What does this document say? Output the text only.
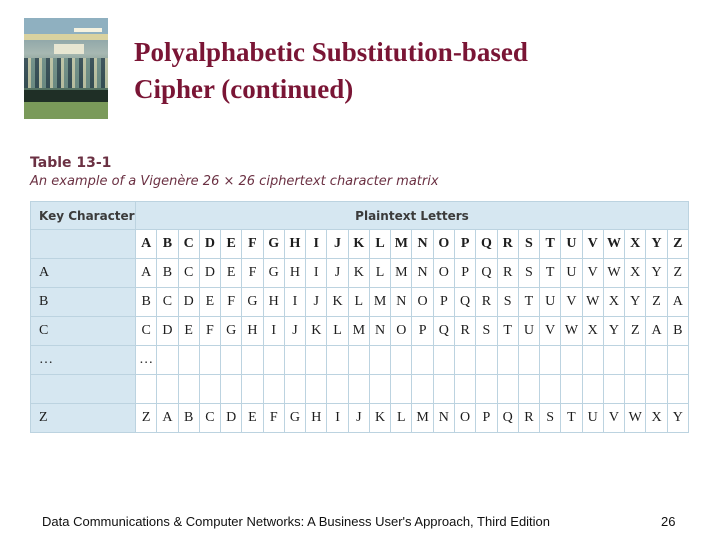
Polyalphabetic Substitution-based
Cipher (continued)
Table 13-1
An example of a Vigenère 26 × 26 ciphertext character matrix
Key Character	Plaintext Letters																									
	A	B	C	D	E	F	G	H	I	J	K	L	M	N	O	P	Q	R	S	T	U	V	W	X	Y	Z
A	A	B	C	D	E	F	G	H	I	J	K	L	M	N	O	P	Q	R	S	T	U	V	W	X	Y	Z
B	B	C	D	E	F	G	H	I	J	K	L	M	N	O	P	Q	R	S	T	U	V	W	X	Y	Z	A
C	C	D	E	F	G	H	I	J	K	L	M	N	O	P	Q	R	S	T	U	V	W	X	Y	Z	A	B
…	…																									

Z	Z	A	B	C	D	E	F	G	H	I	J	K	L	M	N	O	P	Q	R	S	T	U	V	W	X	Y
Data Communications & Computer Networks: A Business User's Approach, Third Edition	26
